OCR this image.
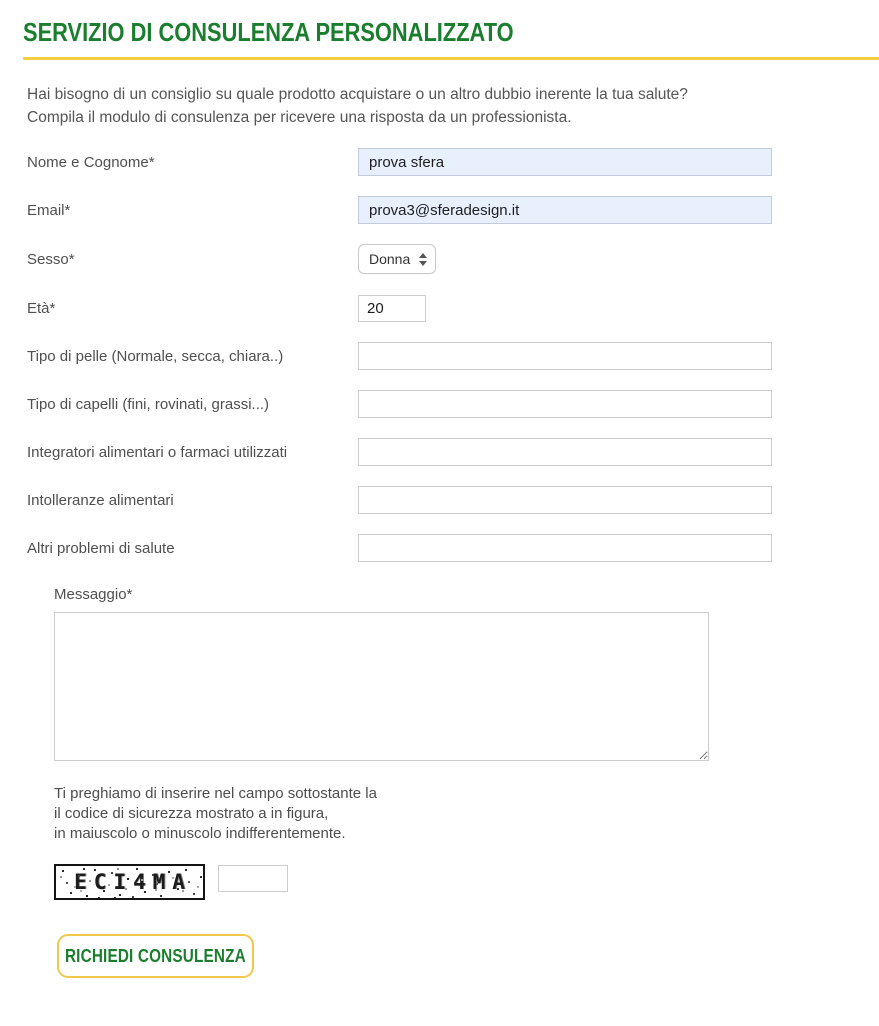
SERVIZIO DI CONSULENZA PERSONALIZZATO
Hai bisogno di un consiglio su quale prodotto acquistare o un altro dubbio inerente la tua salute?
Compila il modulo di consulenza per ricevere una risposta da un professionista.
Nome e Cognome*
prova sfera
Email*
prova3@sferadesign.it
Sesso*	Donna
Età*
20
Tipo di pelle (Normale, secca, chiara..)
Tipo di capelli (fini, rovinati, grassi...)
Integratori alimentari o farmaci utilizzati
Intolleranze alimentari
Altri problemi di salute
Messaggio*
Ti preghiamo di inserire nel campo sottostante la
il codice di sicurezza mostrato a in figura,
in maiuscolo o minuscolo indifferentemente.
ECI4MA
RICHIEDI CONSULENZA
